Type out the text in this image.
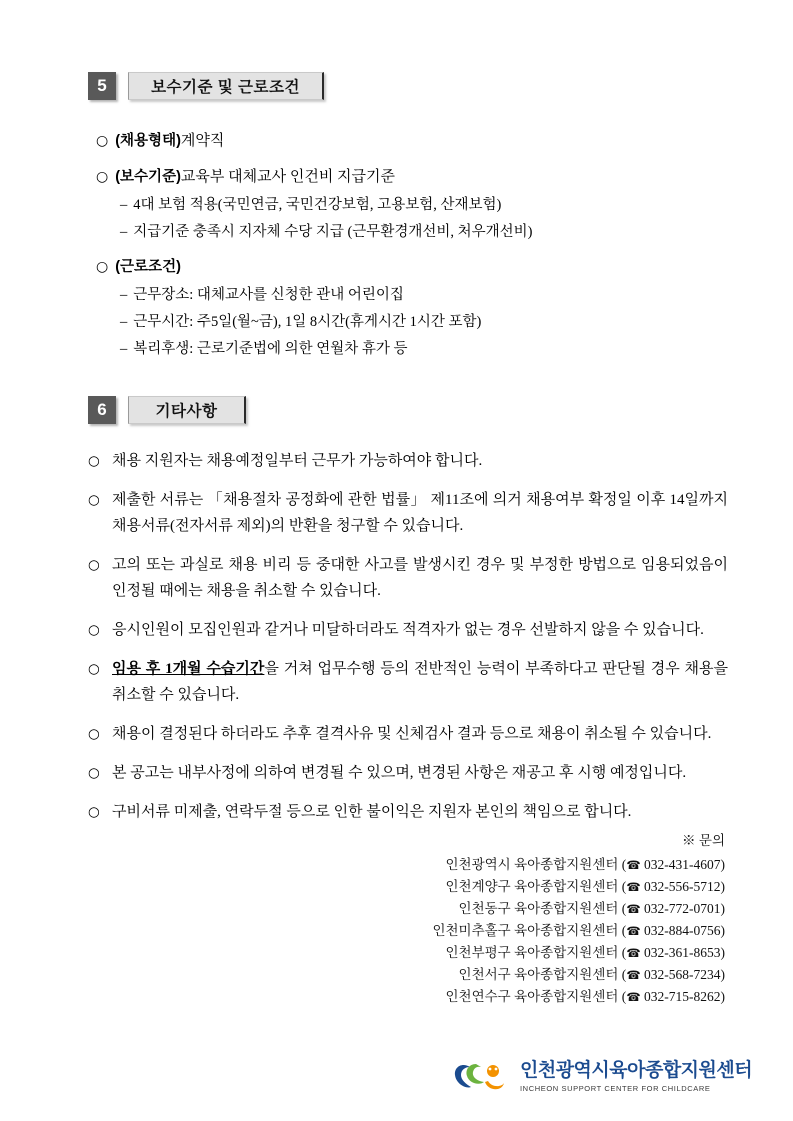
5	보수기준 및 근로조건
○ (채용형태)계약직
○ (보수기준)교육부 대체교사 인건비 지급기준
– 4대 보험 적용(국민연금, 국민건강보험, 고용보험, 산재보험)
– 지급기준 충족시 지자체 수당 지급 (근무환경개선비, 처우개선비)
○ (근로조건)
– 근무장소: 대체교사를 신청한 관내 어린이집
– 근무시간: 주5일(월~금), 1일 8시간(휴게시간 1시간 포함)
– 복리후생: 근로기준법에 의한 연월차 휴가 등
6	기타사항
○ 채용 지원자는 채용예정일부터 근무가 가능하여야 합니다.
○ 제출한 서류는 「채용절차 공정화에 관한 법률」 제11조에 의거 채용여부 확정일 이후 14일까지 채용서류(전자서류 제외)의 반환을 청구할 수 있습니다.
○ 고의 또는 과실로 채용 비리 등 중대한 사고를 발생시킨 경우 및 부정한 방법으로 임용되었음이 인정될 때에는 채용을 취소할 수 있습니다.
○ 응시인원이 모집인원과 같거나 미달하더라도 적격자가 없는 경우 선발하지 않을 수 있습니다.
○ 임용 후 1개월 수습기간을 거쳐 업무수행 등의 전반적인 능력이 부족하다고 판단될 경우 채용을 취소할 수 있습니다.
○ 채용이 결정된다 하더라도 추후 결격사유 및 신체검사 결과 등으로 채용이 취소될 수 있습니다.
○ 본 공고는 내부사정에 의하여 변경될 수 있으며, 변경된 사항은 재공고 후 시행 예정입니다.
○ 구비서류 미제출, 연락두절 등으로 인한 불이익은 지원자 본인의 책임으로 합니다.
※ 문의
인천광역시 육아종합지원센터 (☎ 032-431-4607)
인천계양구 육아종합지원센터 (☎ 032-556-5712)
인천동구 육아종합지원센터 (☎ 032-772-0701)
인천미추홀구 육아종합지원센터 (☎ 032-884-0756)
인천부평구 육아종합지원센터 (☎ 032-361-8653)
인천서구 육아종합지원센터 (☎ 032-568-7234)
인천연수구 육아종합지원센터 (☎ 032-715-8262)
인천광역시육아종합지원센터
INCHEON SUPPORT CENTER FOR CHILDCARE
